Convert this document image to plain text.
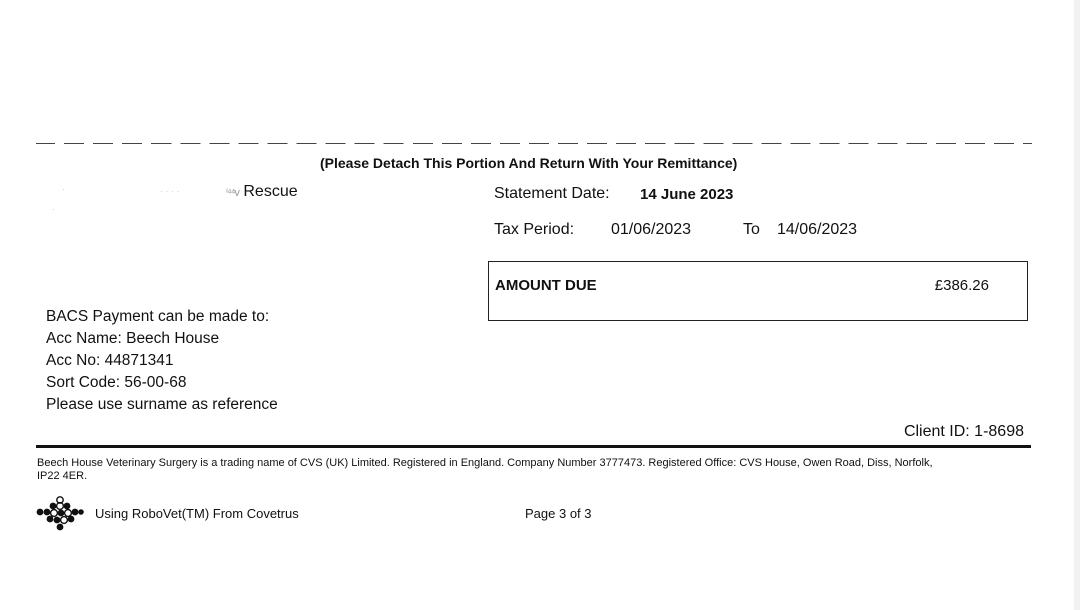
(Please Detach This Portion And Return With Your Remittance)
·	· · · ·
·
ⁱ⁴⁴v Rescue	Statement Date: 14 June 2023
Tax Period: 01/06/2023	To 14/06/2023
AMOUNT DUE	£386.26
BACS Payment can be made to:
Acc Name: Beech House
Acc No: 44871341
Sort Code: 56-00-68
Please use surname as reference
Client ID: 1-8698
Beech House Veterinary Surgery is a trading name of CVS (UK) Limited. Registered in England. Company Number 3777473. Registered Office: CVS House, Owen Road, Diss, Norfolk, IP22 4ER.
Using RoboVet(TM) From Covetrus	Page 3 of 3
